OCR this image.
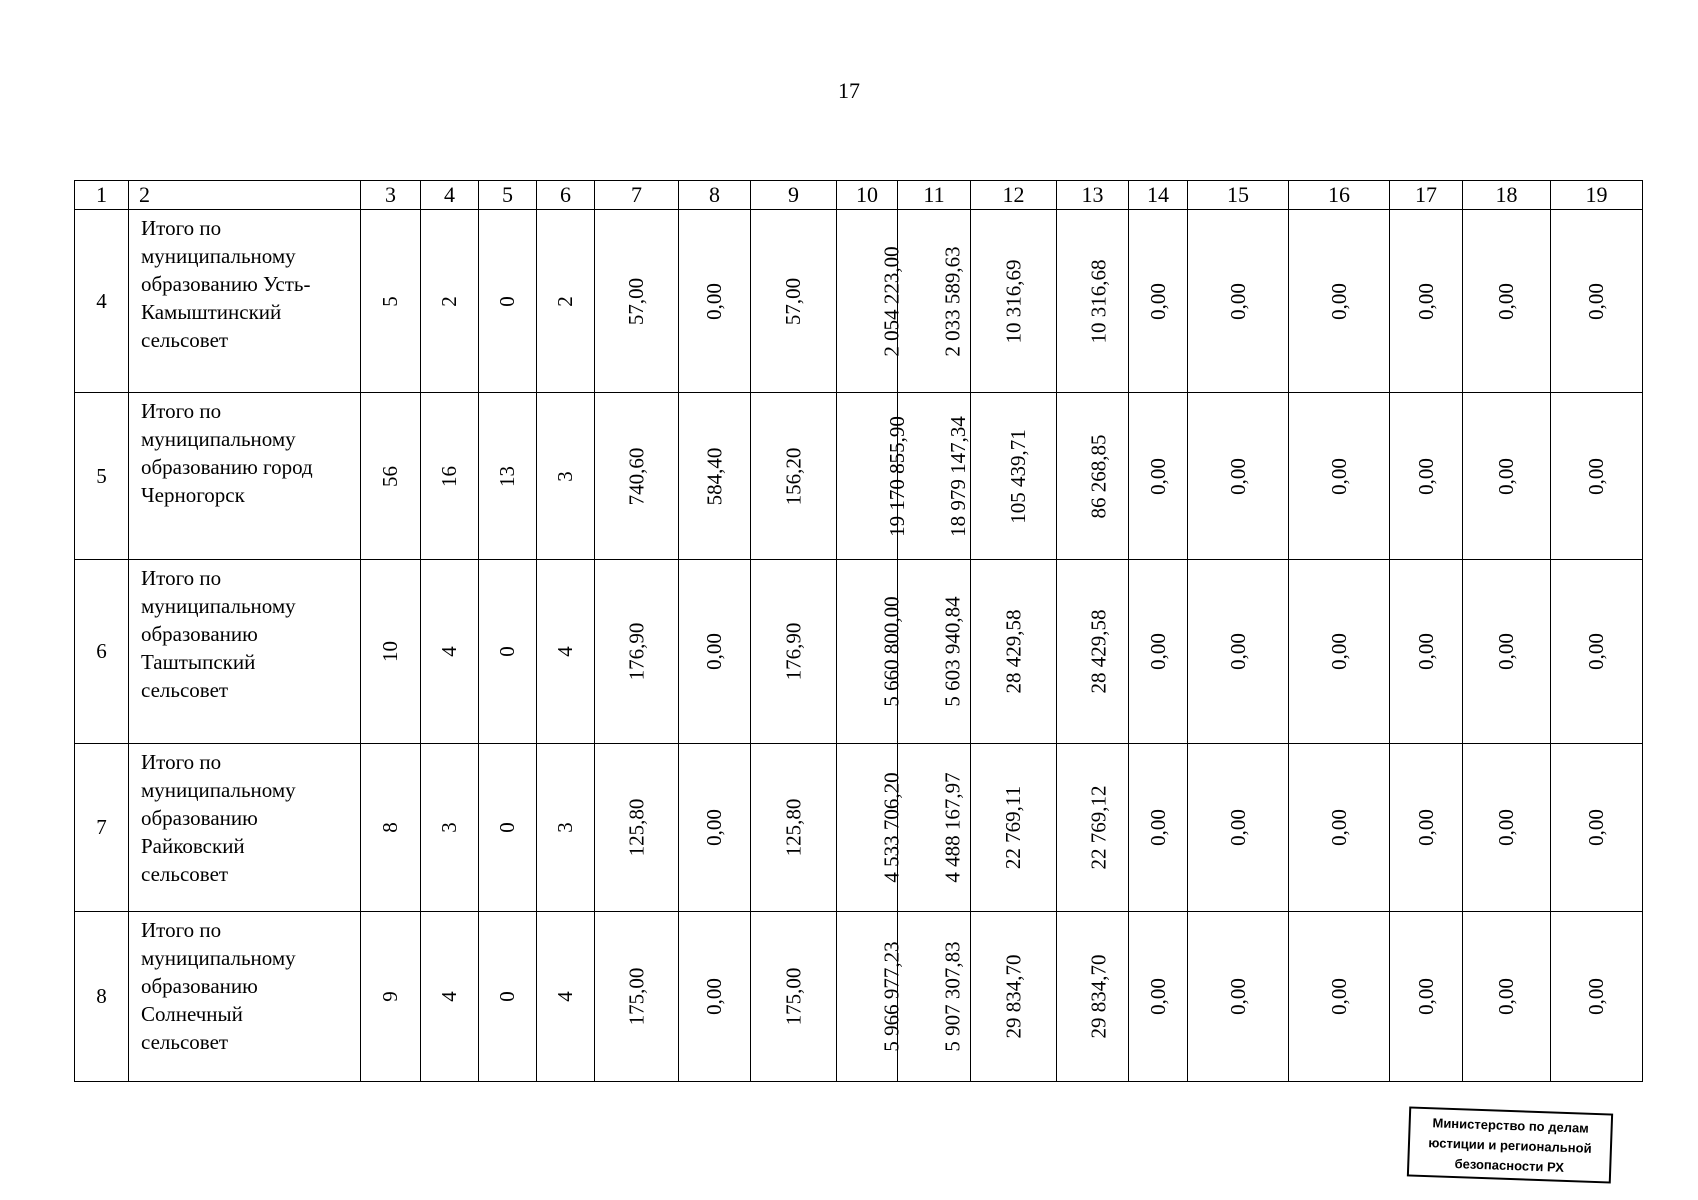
17
1	2	3	4	5	6	7	8	9	10	11	12	13	14	15	16	17	18	19
4	Итого по
муниципальному
образованию Усть-
Камыштинский
сельсовет	5	2	0	2	57,00	0,00	57,00	2 054 223,00	2 033 589,63	10 316,69	10 316,68	0,00	0,00	0,00	0,00	0,00	0,00
5	Итого по
муниципальному
образованию город
Черногорск	56	16	13	3	740,60	584,40	156,20	19 170 855,90	18 979 147,34	105 439,71	86 268,85	0,00	0,00	0,00	0,00	0,00	0,00
6	Итого по
муниципальному
образованию
Таштыпский
сельсовет	10	4	0	4	176,90	0,00	176,90	5 660 800,00	5 603 940,84	28 429,58	28 429,58	0,00	0,00	0,00	0,00	0,00	0,00
7	Итого по
муниципальному
образованию
Райковский
сельсовет	8	3	0	3	125,80	0,00	125,80	4 533 706,20	4 488 167,97	22 769,11	22 769,12	0,00	0,00	0,00	0,00	0,00	0,00
8	Итого по
муниципальному
образованию
Солнечный
сельсовет	9	4	0	4	175,00	0,00	175,00	5 966 977,23	5 907 307,83	29 834,70	29 834,70	0,00	0,00	0,00	0,00	0,00	0,00
Министерство по делам
юстиции и региональной
безопасности РХ
